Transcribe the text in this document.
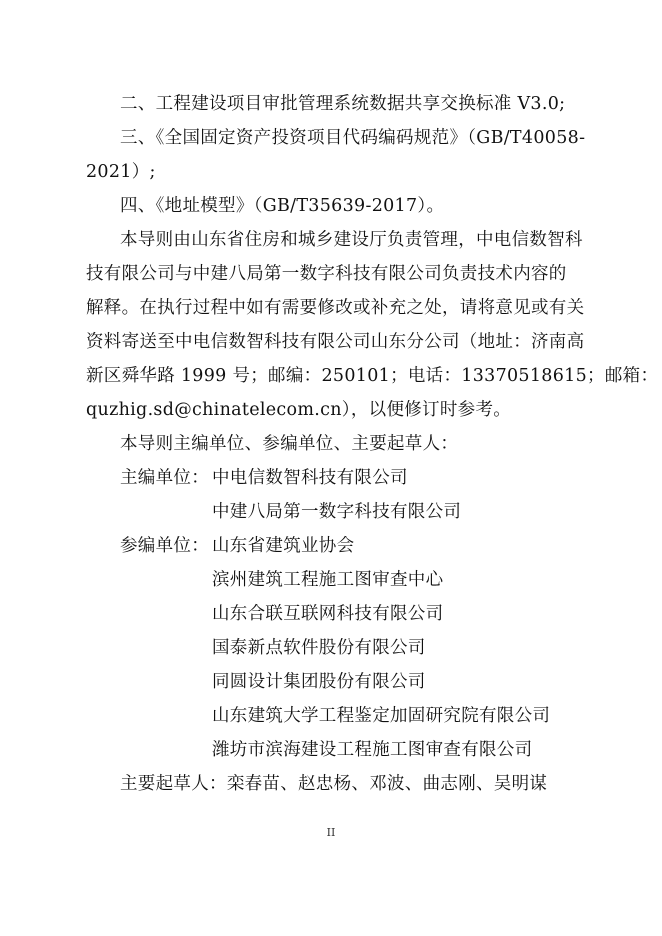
二、工程建设项目审批管理系统数据共享交换标准 V3.0;
三、《全国固定资产投资项目代码编码规范》（GB/T40058-
2021）;
四、《地址模型》（GB/T35639-2017）。
本导则由山东省住房和城乡建设厅负责管理，中电信数智科
技有限公司与中建八局第一数字科技有限公司负责技术内容的
解释。在执行过程中如有需要修改或补充之处，请将意见或有关
资料寄送至中电信数智科技有限公司山东分公司（地址：济南高
新区舜华路 1999 号；邮编：250101；电话：13370518615；邮箱：
quzhig.sd@chinatelecom.cn），以便修订时参考。
本导则主编单位、参编单位、主要起草人：
主编单位： 中电信数智科技有限公司
中建八局第一数字科技有限公司
参编单位： 山东省建筑业协会
滨州建筑工程施工图审查中心
山东合联互联网科技有限公司
国泰新点软件股份有限公司
同圆设计集团股份有限公司
山东建筑大学工程鉴定加固研究院有限公司
潍坊市滨海建设工程施工图审查有限公司
主要起草人：栾春苗、赵忠杨、邓波、曲志刚、吴明谋
II
